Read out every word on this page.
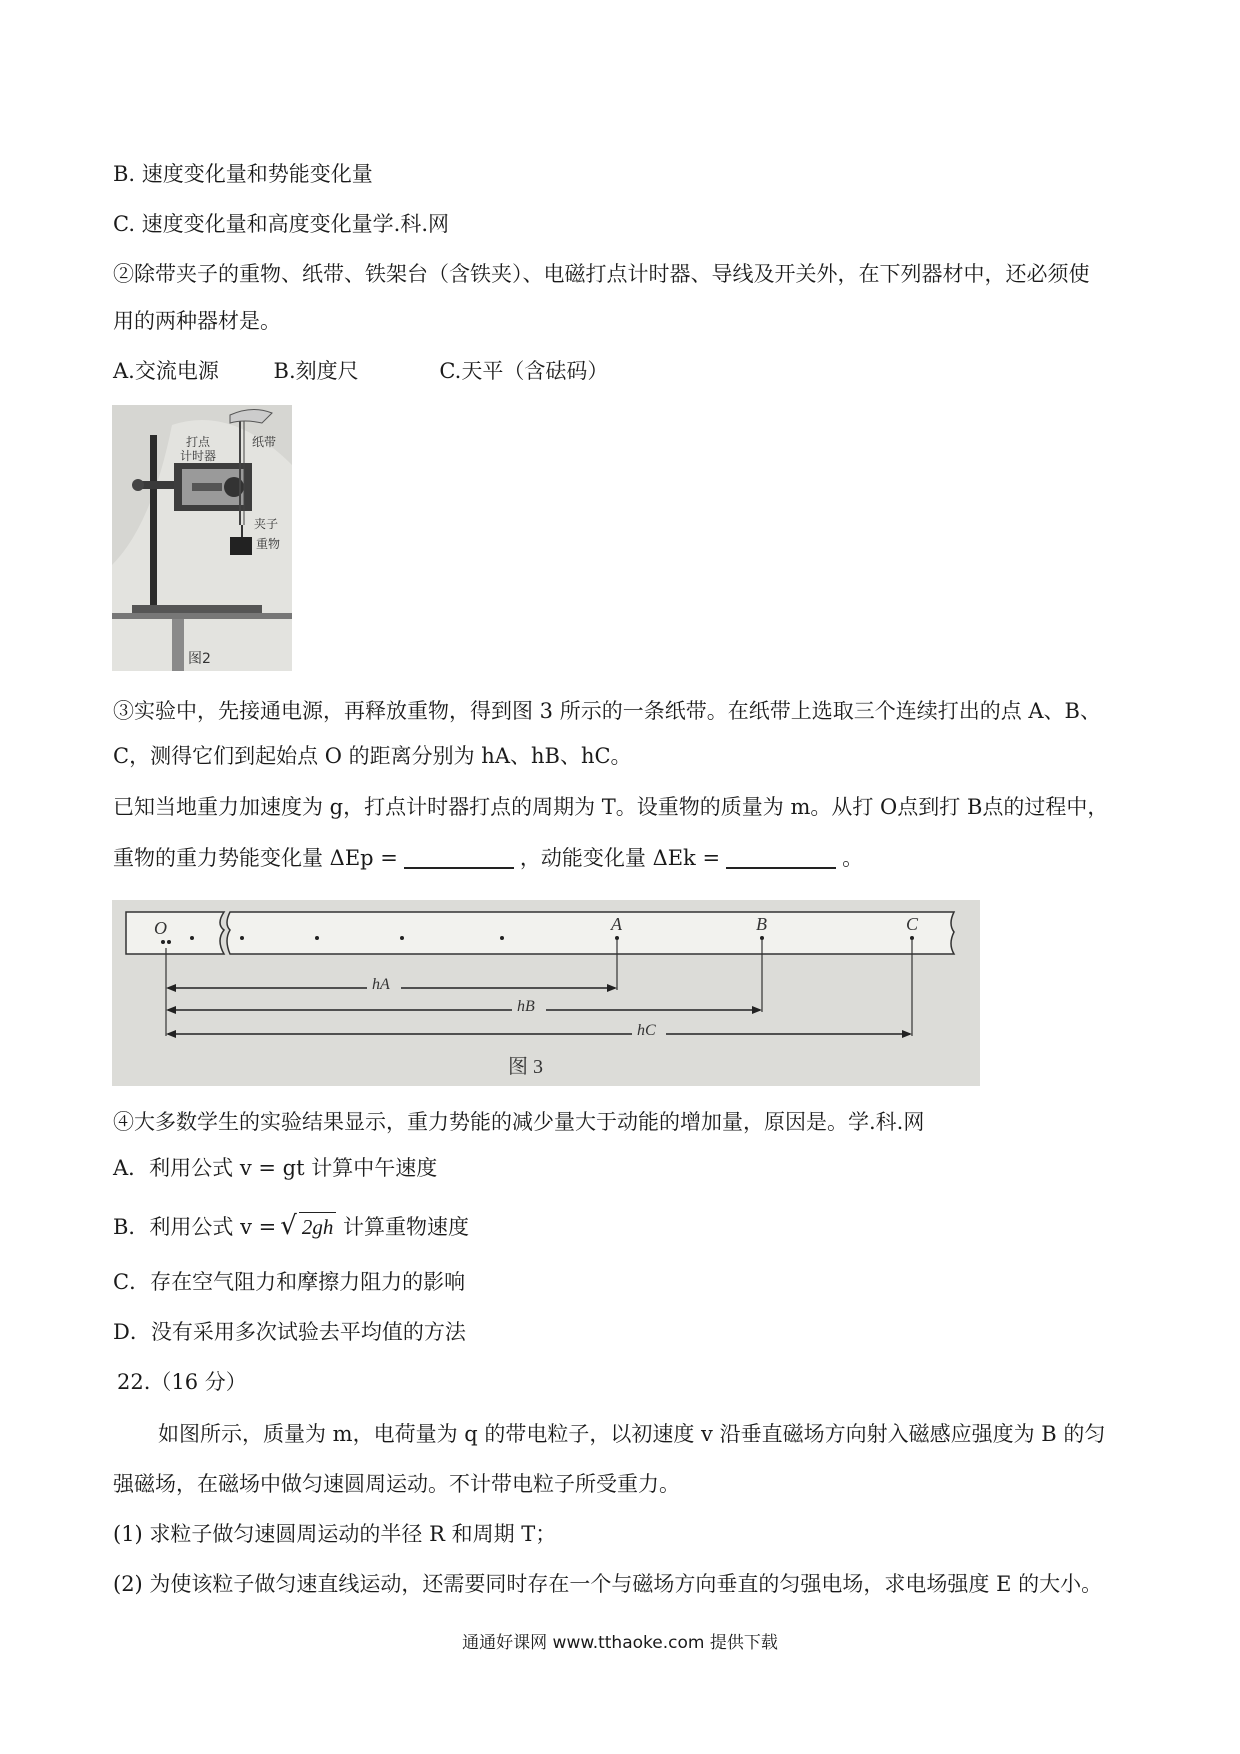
B. 速度变化量和势能变化量
C. 速度变化量和高度变化量学.科.网
②除带夹子的重物、纸带、铁架台（含铁夹）、电磁打点计时器、导线及开关外，在下列器材中，还必须使
用的两种器材是。
A.交流电源	B.刻度尺	C.天平（含砝码）
打点
计时器
纸带
夹子
重物
图2
③实验中，先接通电源，再释放重物，得到图 3 所示的一条纸带。在纸带上选取三个连续打出的点 A、B、
C，测得它们到起始点 O 的距离分别为 hA、hB、hC。
已知当地重力加速度为 g，打点计时器打点的周期为 T。设重物的质量为 m。从打 O点到打 B点的过程中，
重物的重力势能变化量 ΔEp =	，动能变化量 ΔEk =	。
O	A	B	C
hA
hB
hC
图 3
④大多数学生的实验结果显示，重力势能的减少量大于动能的增加量，原因是。学.科.网
A．利用公式 v = gt 计算中午速度
B．利用公式 v = √ 2gh 计算重物速度
C．存在空气阻力和摩擦力阻力的影响
D．没有采用多次试验去平均值的方法
22.（16 分）
如图所示，质量为 m，电荷量为 q 的带电粒子，以初速度 v 沿垂直磁场方向射入磁感应强度为 B 的匀
强磁场，在磁场中做匀速圆周运动。不计带电粒子所受重力。
(1) 求粒子做匀速圆周运动的半径 R 和周期 T；
(2) 为使该粒子做匀速直线运动，还需要同时存在一个与磁场方向垂直的匀强电场，求电场强度 E 的大小。
通通好课网 www.tthaoke.com 提供下载
